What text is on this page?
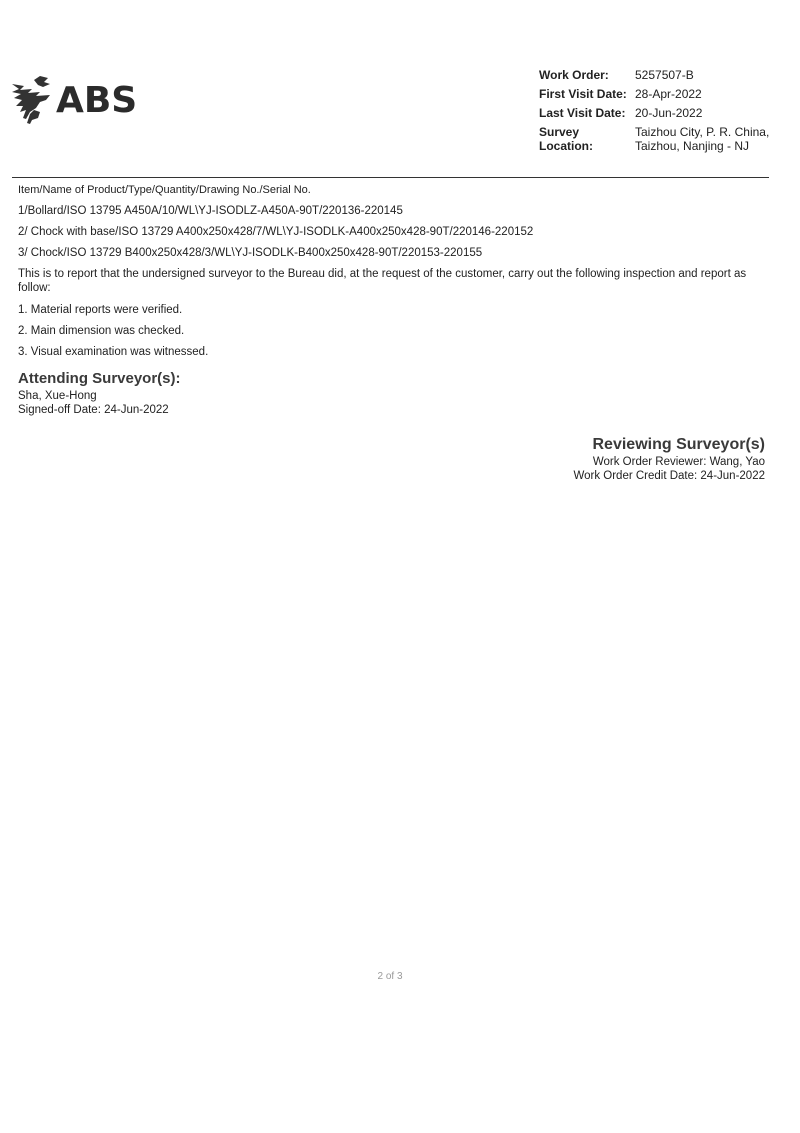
ABS
Work Order:	5257507-B
First Visit Date: 28-Apr-2022
Last Visit Date: 20-Jun-2022
Survey
Location:
Taizhou City, P. R. China,
Taizhou, Nanjing - NJ
Item/Name of Product/Type/Quantity/Drawing No./Serial No.
1/Bollard/ISO 13795 A450A/10/WL\YJ-ISODLZ-A450A-90T/220136-220145
2/ Chock with base/ISO 13729 A400x250x428/7/WL\YJ-ISODLK-A400x250x428-90T/220146-220152
3/ Chock/ISO 13729 B400x250x428/3/WL\YJ-ISODLK-B400x250x428-90T/220153-220155
This is to report that the undersigned surveyor to the Bureau did, at the request of the customer, carry out the following inspection and report as follow:
1. Material reports were verified.
2. Main dimension was checked.
3. Visual examination was witnessed.
Attending Surveyor(s):
Sha, Xue-Hong
Signed-off Date: 24-Jun-2022
Reviewing Surveyor(s)
Work Order Reviewer: Wang, Yao
Work Order Credit Date: 24-Jun-2022
2 of 3
